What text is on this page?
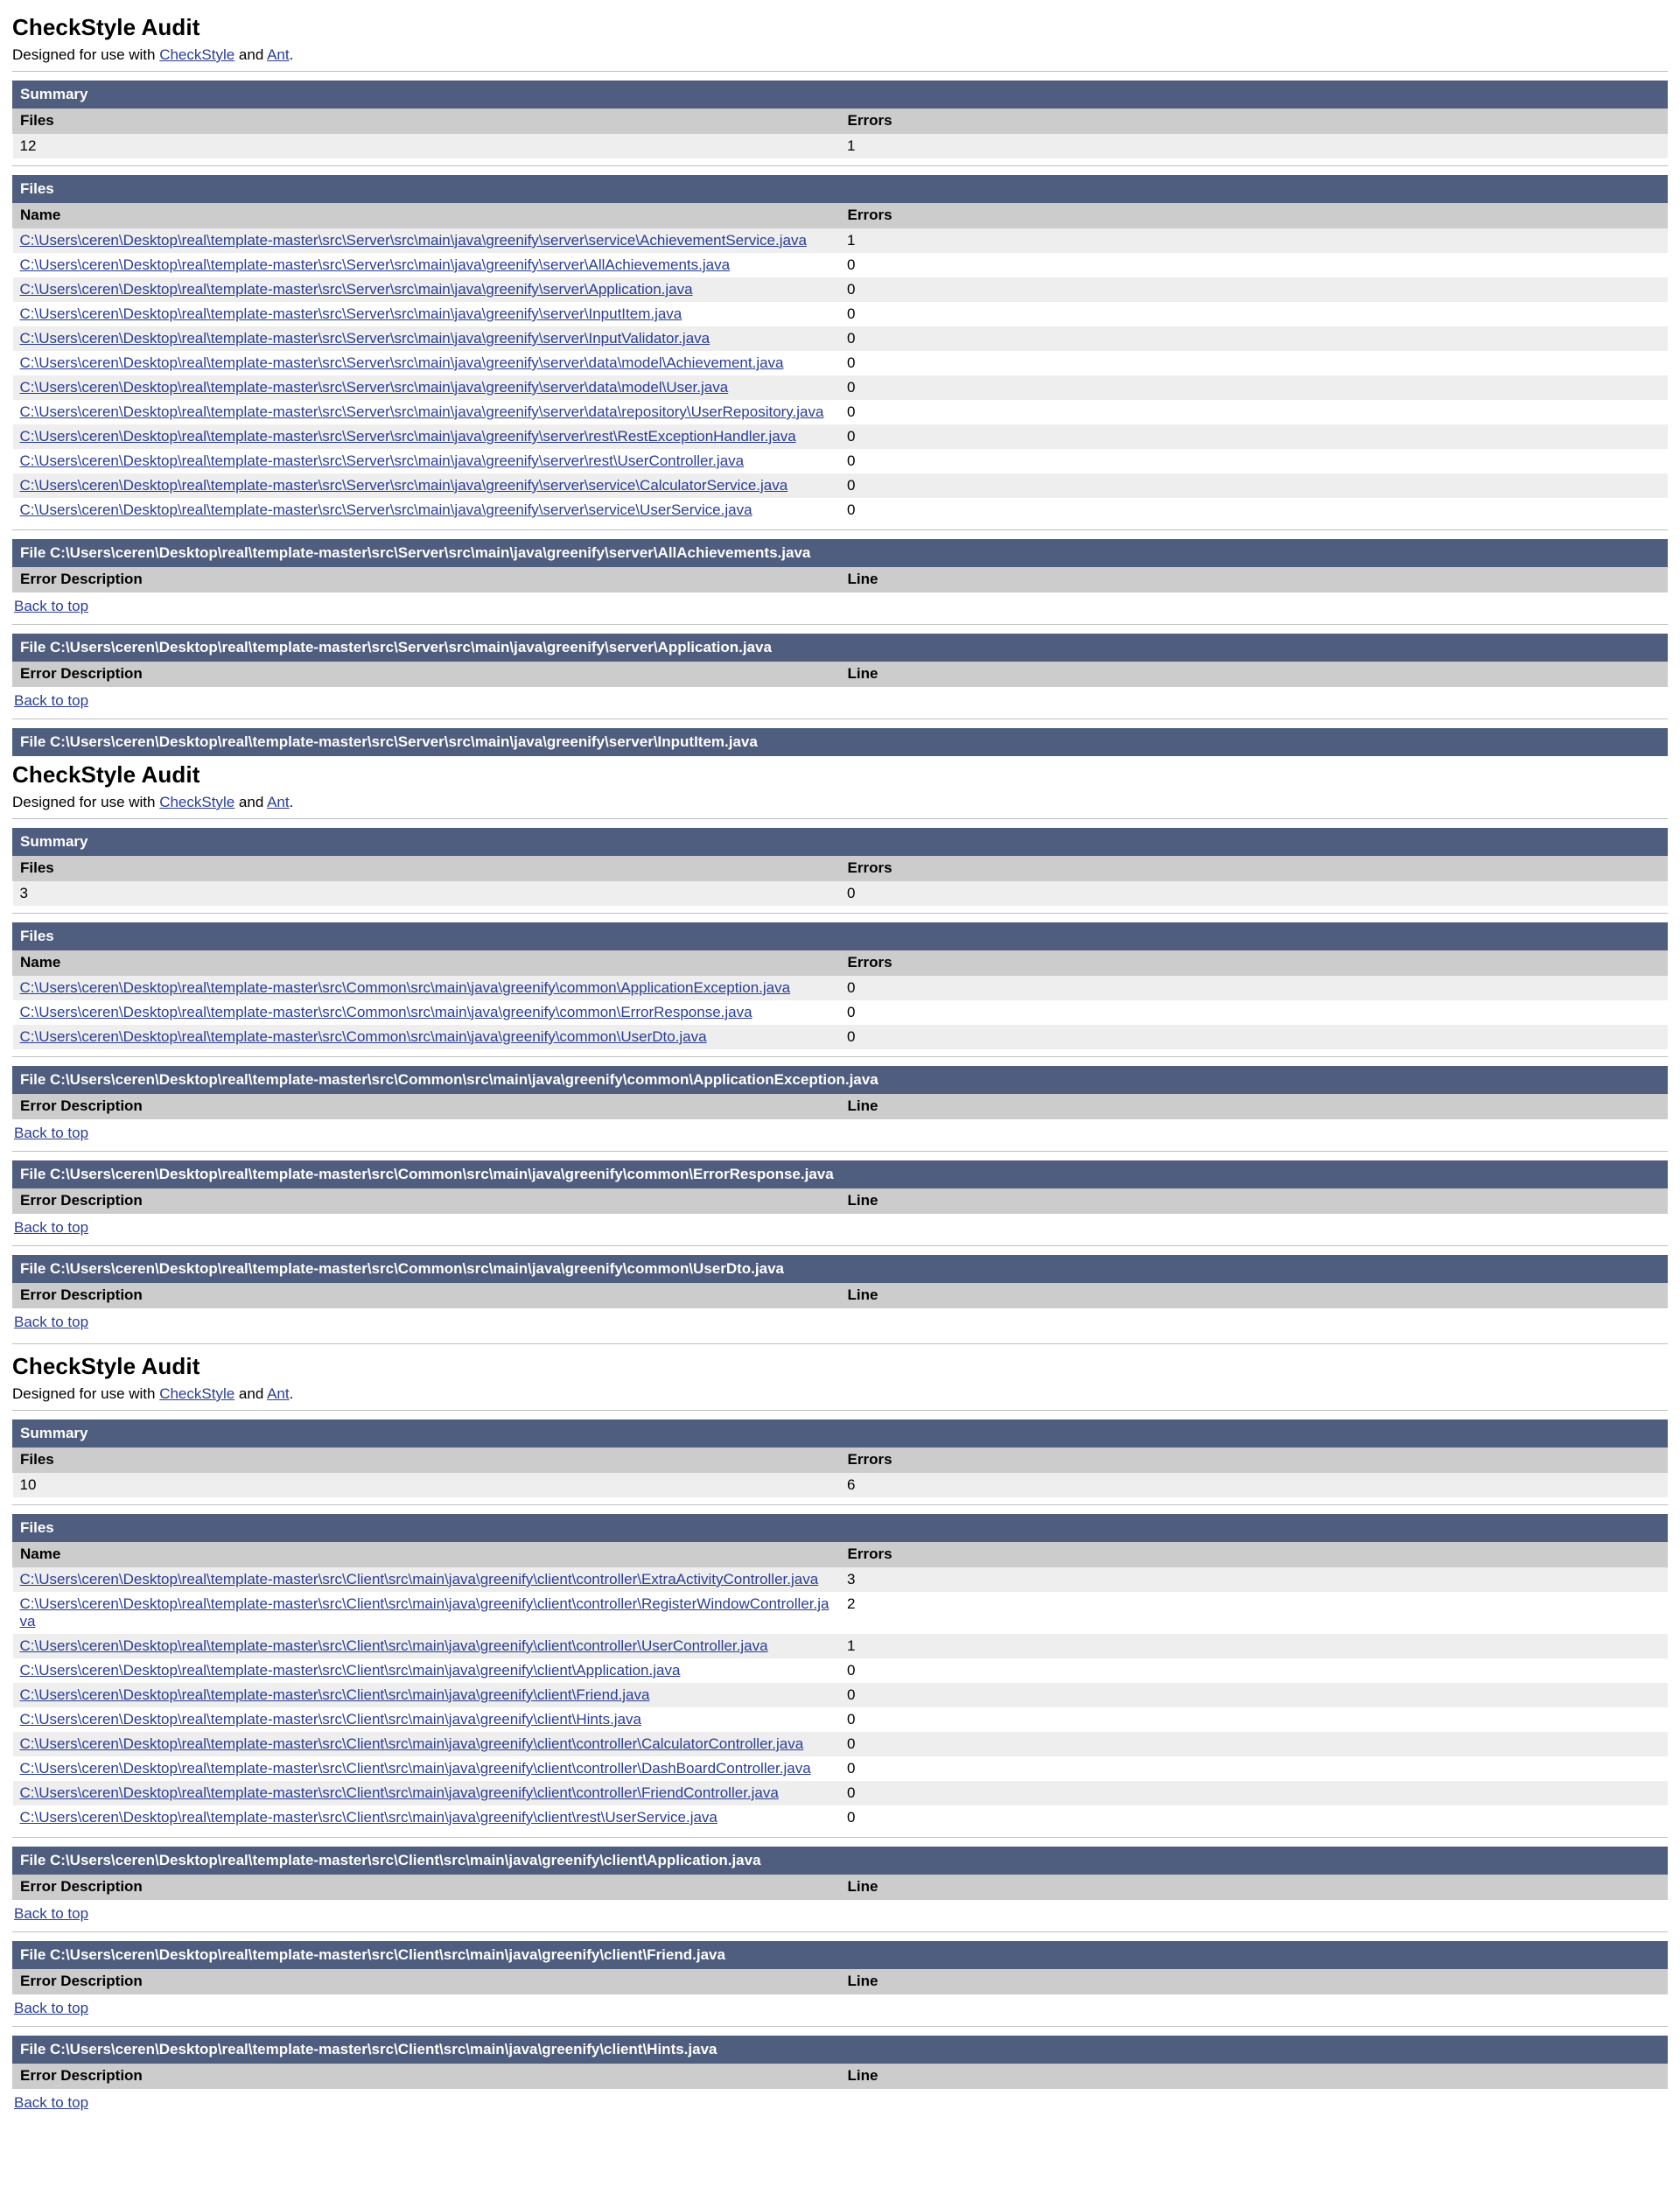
CheckStyle Audit

Designed for use with CheckStyle and Ant.

Summary	
Files	Errors
12	1
Files	
Name	Errors
C:\Users\ceren\Desktop\real\template-master\src\Server\src\main\java\greenify\server\service\AchievementService.java	1
C:\Users\ceren\Desktop\real\template-master\src\Server\src\main\java\greenify\server\AllAchievements.java	0
C:\Users\ceren\Desktop\real\template-master\src\Server\src\main\java\greenify\server\Application.java	0
C:\Users\ceren\Desktop\real\template-master\src\Server\src\main\java\greenify\server\InputItem.java	0
C:\Users\ceren\Desktop\real\template-master\src\Server\src\main\java\greenify\server\InputValidator.java	0
C:\Users\ceren\Desktop\real\template-master\src\Server\src\main\java\greenify\server\data\model\Achievement.java	0
C:\Users\ceren\Desktop\real\template-master\src\Server\src\main\java\greenify\server\data\model\User.java	0
C:\Users\ceren\Desktop\real\template-master\src\Server\src\main\java\greenify\server\data\repository\UserRepository.java	0
C:\Users\ceren\Desktop\real\template-master\src\Server\src\main\java\greenify\server\rest\RestExceptionHandler.java	0
C:\Users\ceren\Desktop\real\template-master\src\Server\src\main\java\greenify\server\rest\UserController.java	0
C:\Users\ceren\Desktop\real\template-master\src\Server\src\main\java\greenify\server\service\CalculatorService.java	0
C:\Users\ceren\Desktop\real\template-master\src\Server\src\main\java\greenify\server\service\UserService.java	0
File C:\Users\ceren\Desktop\real\template-master\src\Server\src\main\java\greenify\server\AllAchievements.java
Error Description	Line
Back to top
File C:\Users\ceren\Desktop\real\template-master\src\Server\src\main\java\greenify\server\Application.java
Error Description	Line
Back to top
File C:\Users\ceren\Desktop\real\template-master\src\Server\src\main\java\greenify\server\InputItem.java
CheckStyle Audit

Designed for use with CheckStyle and Ant.

Summary	
Files	Errors
3	0
Files	
Name	Errors
C:\Users\ceren\Desktop\real\template-master\src\Common\src\main\java\greenify\common\ApplicationException.java	0
C:\Users\ceren\Desktop\real\template-master\src\Common\src\main\java\greenify\common\ErrorResponse.java	0
C:\Users\ceren\Desktop\real\template-master\src\Common\src\main\java\greenify\common\UserDto.java	0
File C:\Users\ceren\Desktop\real\template-master\src\Common\src\main\java\greenify\common\ApplicationException.java
Error Description	Line
Back to top
File C:\Users\ceren\Desktop\real\template-master\src\Common\src\main\java\greenify\common\ErrorResponse.java
Error Description	Line
Back to top
File C:\Users\ceren\Desktop\real\template-master\src\Common\src\main\java\greenify\common\UserDto.java
Error Description	Line
Back to top
CheckStyle Audit

Designed for use with CheckStyle and Ant.

Summary	
Files	Errors
10	6
Files	
Name	Errors
C:\Users\ceren\Desktop\real\template-master\src\Client\src\main\java\greenify\client\controller\ExtraActivityController.java	3
C:\Users\ceren\Desktop\real\template-master\src\Client\src\main\java\greenify\client\controller\RegisterWindowController.java	2
C:\Users\ceren\Desktop\real\template-master\src\Client\src\main\java\greenify\client\controller\UserController.java	1
C:\Users\ceren\Desktop\real\template-master\src\Client\src\main\java\greenify\client\Application.java	0
C:\Users\ceren\Desktop\real\template-master\src\Client\src\main\java\greenify\client\Friend.java	0
C:\Users\ceren\Desktop\real\template-master\src\Client\src\main\java\greenify\client\Hints.java	0
C:\Users\ceren\Desktop\real\template-master\src\Client\src\main\java\greenify\client\controller\CalculatorController.java	0
C:\Users\ceren\Desktop\real\template-master\src\Client\src\main\java\greenify\client\controller\DashBoardController.java	0
C:\Users\ceren\Desktop\real\template-master\src\Client\src\main\java\greenify\client\controller\FriendController.java	0
C:\Users\ceren\Desktop\real\template-master\src\Client\src\main\java\greenify\client\rest\UserService.java	0
File C:\Users\ceren\Desktop\real\template-master\src\Client\src\main\java\greenify\client\Application.java
Error Description	Line
Back to top
File C:\Users\ceren\Desktop\real\template-master\src\Client\src\main\java\greenify\client\Friend.java
Error Description	Line
Back to top
File C:\Users\ceren\Desktop\real\template-master\src\Client\src\main\java\greenify\client\Hints.java
Error Description	Line
Back to top
